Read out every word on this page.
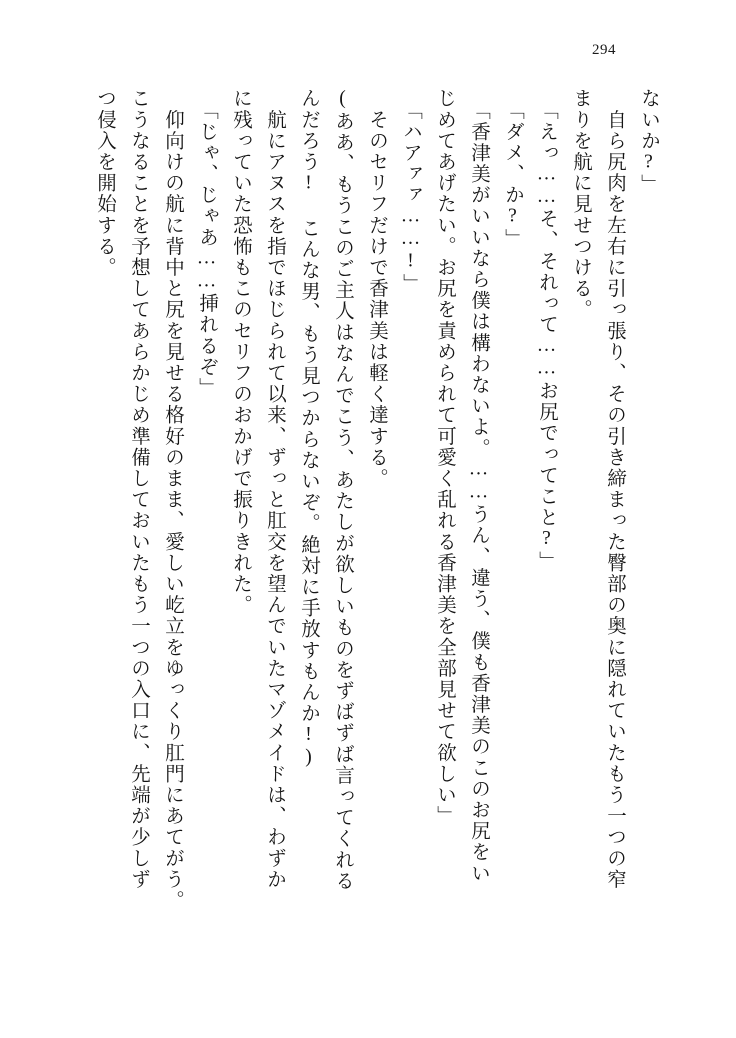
294
ないか?」
　自ら尻肉を左右に引っ張り、その引き締まった臀部の奥に隠れていたもう一つの窄
まりを航に見せつける。
「えっ……そ、それって……お尻でってこと?」
「ダメ、か?」
「香津美がいいなら僕は構わないよ。……うん、違う、僕も香津美のこのお尻をい
じめてあげたい。お尻を責められて可愛く乱れる香津美を全部見せて欲しい」
「ハアァァ……!」
　そのセリフだけで香津美は軽く達する。
(ああ、もうこのご主人はなんでこう、あたしが欲しいものをずばずば言ってくれる
んだろう! こんな男、もう見つからないぞ。絶対に手放すもんか!)
　航にアヌスを指でほじられて以来、ずっと肛交を望んでいたマゾメイドは、わずか
に残っていた恐怖もこのセリフのおかげで振りきれた。
「じゃ、じゃあ……挿れるぞ」
　仰向けの航に背中と尻を見せる格好のまま、愛しい屹立をゆっくり肛門にあてがう。
こうなることを予想してあらかじめ準備しておいたもう一つの入口に、先端が少しず
つ侵入を開始する。
